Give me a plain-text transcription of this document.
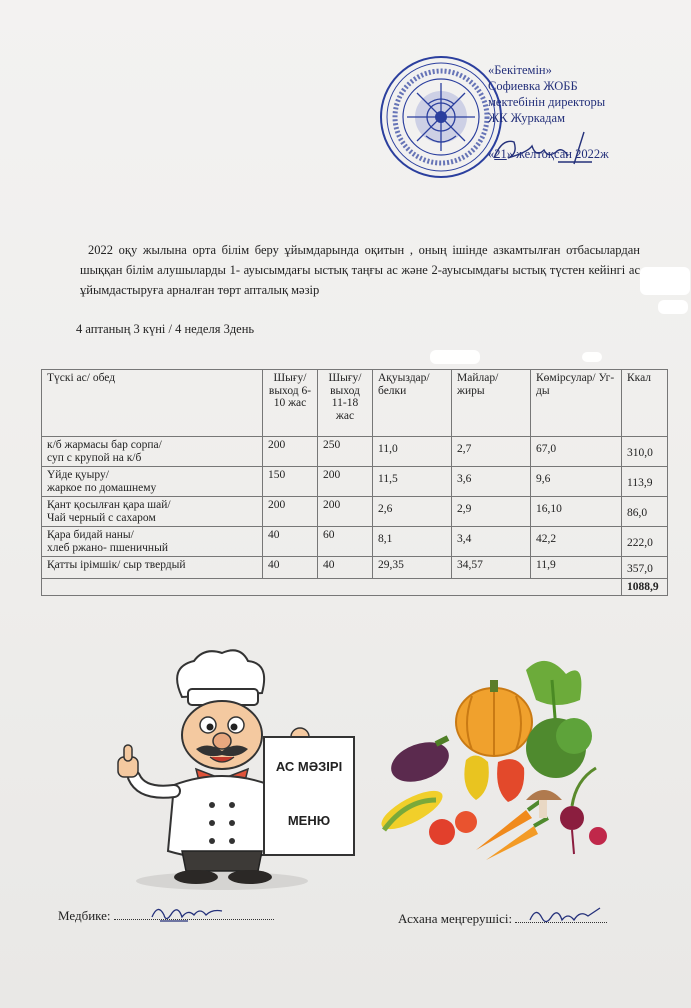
«Бекітемін»
Софиевка ЖОББ
мектебінін директоры
ЖК Журкадам
«21» желтоқсан 2022ж
2022 оқу жылына орта білім беру ұйымдарында оқитын , оның ішінде азкамтылған отбасылардан шыққан білім алушыларды 1- ауысымдағы ыстық таңғы ас және 2-ауысымдағы ыстық түстен кейінгі ас ұйымдастыруға арналған төрт апталық мәзір
4 аптаның 3 күні / 4 неделя 3день
Түскі ас/ обед	Шығу/ выход 6-10 жас	Шығу/ выход 11-18 жас	Ақуыздар/ белки	Майлар/ жиры	Көмірсулар/ Уг-ды	Ккал
к/б жармасы бар сорпа/
суп с крупой на к/б	200	250	11,0	2,7	67,0	310,0
Үйде қуыру/
жаркое по домашнему	150	200	11,5	3,6	9,6	113,9
Қант қосылған қара шай/
Чай черный с сахаром	200	200	2,6	2,9	16,10	86,0
Қара бидай наны/
хлеб ржано- пшеничный	40	60	8,1	3,4	42,2	222,0
Қатты ірімшік/ сыр твердый	40	40	29,35	34,57	11,9	357,0
						1088,9
АС МӘЗІРІ
МЕНЮ
Медбике:	Асхана меңгерушісі:
